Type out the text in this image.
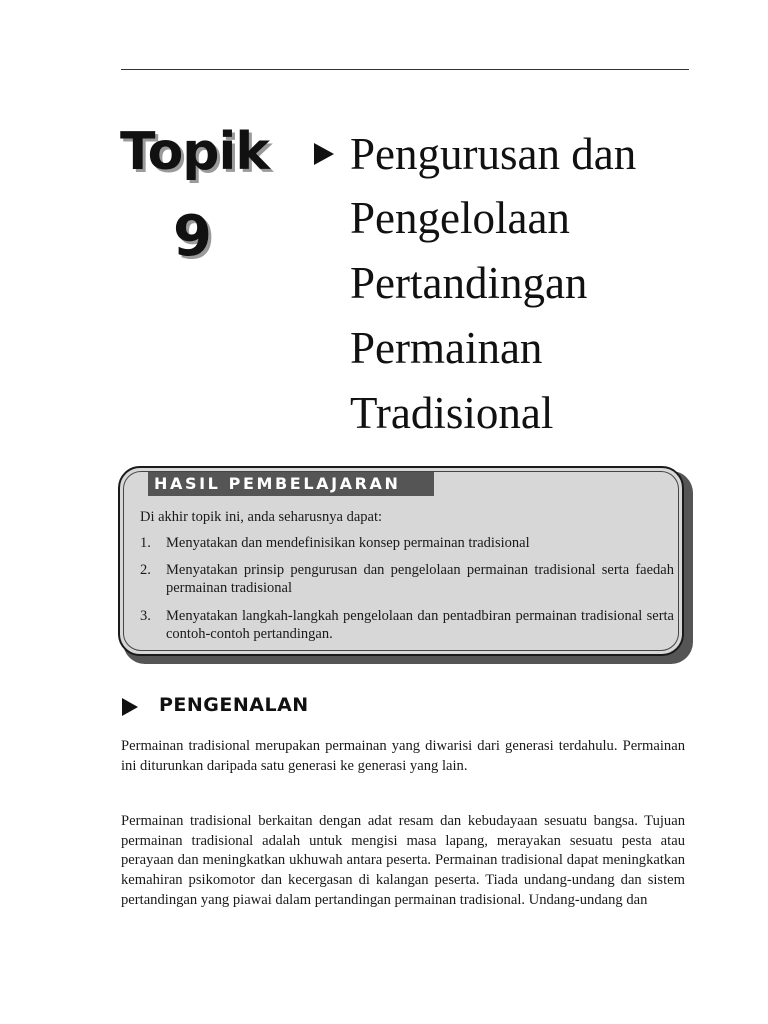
Topik
9
Pengurusan dan
Pengelolaan
Pertandingan
Permainan
Tradisional
HASIL PEMBELAJARAN
Di akhir topik ini, anda seharusnya dapat:
1. Menyatakan dan mendefinisikan konsep permainan tradisional
2. Menyatakan prinsip pengurusan dan pengelolaan permainan tradisional serta faedah permainan tradisional
3. Menyatakan langkah-langkah pengelolaan dan pentadbiran permainan tradisional serta contoh-contoh pertandingan.
PENGENALAN
Permainan tradisional merupakan permainan yang diwarisi dari generasi terdahulu. Permainan ini diturunkan daripada satu generasi ke generasi yang lain.
Permainan tradisional berkaitan dengan adat resam dan kebudayaan sesuatu bangsa. Tujuan permainan tradisional adalah untuk mengisi masa lapang, merayakan sesuatu pesta atau perayaan dan meningkatkan ukhuwah antara peserta. Permainan tradisional dapat meningkatkan kemahiran psikomotor dan kecergasan di kalangan peserta. Tiada undang-undang dan sistem pertandingan yang piawai dalam pertandingan permainan tradisional. Undang-undang dan
